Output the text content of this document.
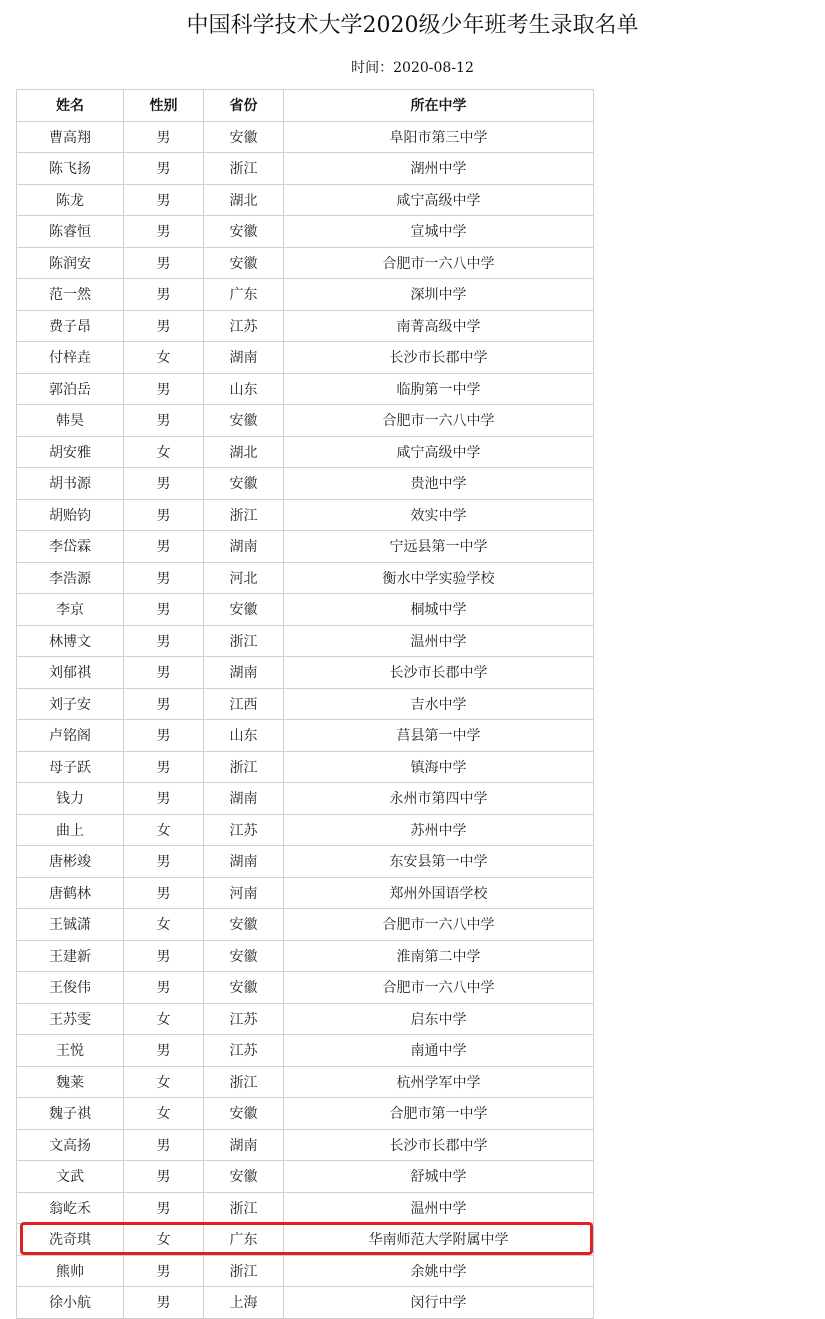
中国科学技术大学2020级少年班考生录取名单
时间：2020-08-12
姓名	性别	省份	所在中学
曹高翔	男	安徽	阜阳市第三中学
陈飞扬	男	浙江	湖州中学
陈龙	男	湖北	咸宁高级中学
陈睿恒	男	安徽	宣城中学
陈润安	男	安徽	合肥市一六八中学
范一然	男	广东	深圳中学
费子昂	男	江苏	南菁高级中学
付梓垚	女	湖南	长沙市长郡中学
郭泊岳	男	山东	临朐第一中学
韩昊	男	安徽	合肥市一六八中学
胡安雅	女	湖北	咸宁高级中学
胡书源	男	安徽	贵池中学
胡贻钧	男	浙江	效实中学
李岱霖	男	湖南	宁远县第一中学
李浩源	男	河北	衡水中学实验学校
李京	男	安徽	桐城中学
林博文	男	浙江	温州中学
刘郁祺	男	湖南	长沙市长郡中学
刘子安	男	江西	吉水中学
卢铭阁	男	山东	莒县第一中学
母子跃	男	浙江	镇海中学
钱力	男	湖南	永州市第四中学
曲上	女	江苏	苏州中学
唐彬竣	男	湖南	东安县第一中学
唐鹤林	男	河南	郑州外国语学校
王铖潇	女	安徽	合肥市一六八中学
王建新	男	安徽	淮南第二中学
王俊伟	男	安徽	合肥市一六八中学
王苏雯	女	江苏	启东中学
王悦	男	江苏	南通中学
魏莱	女	浙江	杭州学军中学
魏子祺	女	安徽	合肥市第一中学
文高扬	男	湖南	长沙市长郡中学
文武	男	安徽	舒城中学
翁屹禾	男	浙江	温州中学
冼奇琪	女	广东	华南师范大学附属中学
熊帅	男	浙江	余姚中学
徐小航	男	上海	闵行中学
